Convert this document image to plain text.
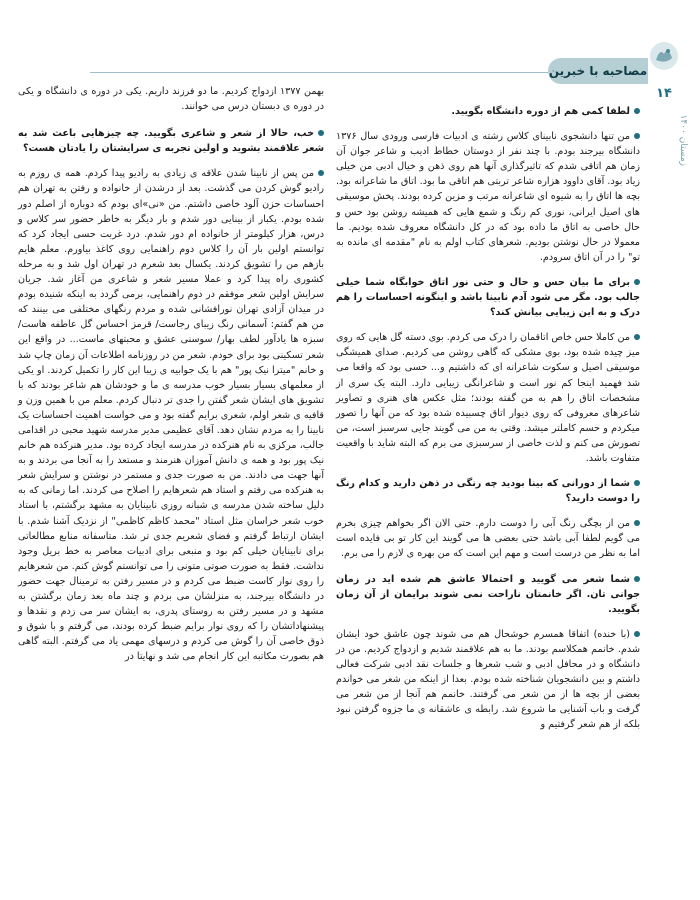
مصاحبه با خبرین
۱۴
زمستان ۱۴۰۰

لطفا کمی هم از دوره دانشگاه بگویید.

من تنها دانشجوی نابینای کلاس رشته ی ادبیات فارسی ورودی سال ۱۳۷۶ دانشگاه بیرجند بودم. با چند نفر از دوستان خطاط ادیب و شاعر جوان آن زمان هم اتاقی شدم که تاثیرگذاری آنها هم روی ذهن و خیال ادبی من خیلی زیاد بود. آقای داوود هزاره شاعر تربتی هم اتاقی ما بود. اتاق ما شاعرانه بود. بچه ها اتاق را به شیوه ای شاعرانه مرتب و مزین کرده بودند. پخش موسیقی های اصیل ایرانی، نوری کم رنگ و شمع هایی که همیشه روشن بود حس و حال خاصی به اتاق ما داده بود که در کل دانشگاه معروف شده بودیم. ما معمولا در حال نوشتن بودیم. شعرهای کتاب اولم به نام "مقدمه ای مانده به تو" را در آن اتاق سرودم.

برای ما بیان حس و حال و حتی نور اتاق خوابگاه شما خیلی جالب بود. مگر می شود آدم نابینا باشد و اینگونه احساسات را هم درک و به این زیبایی بیانش کند؟

من کاملا حس خاص اتاقمان را درک می کردم. بوی دسته گل هایی که روی میز چیده شده بود، بوی مشکی که گاهی روشن می کردیم. صدای همیشگی موسیقی اصیل و سکوت شاعرانه ای که داشتیم و... حسی بود که واقعا می شد فهمید اینجا کم نور است و شاعرانگی زیبایی دارد. البته یک سری از مشخصات اتاق را هم به من گفته بودند؛ مثل عکس های هنری و تصاویر شاعرهای معروفی که روی دیوار اتاق چسبیده شده بود که من آنها را تصور میکردم و حسم کاملتر میشد. وقتی به من می گویند جایی سرسبز است، من تصورش می کنم و لذت خاصی از سرسبزی می برم که البته شاید با واقعیت متفاوت باشد.

شما از دورانی که بینا بودید چه رنگی در ذهن دارید و کدام رنگ را دوست دارید؟

من از بچگی رنگ آبی را دوست دارم. حتی الان اگر بخواهم چیزی بخرم می گویم لطفا آبی باشد حتی بعضی ها می گویند این کار تو بی فایده است اما به نظر من درست است و مهم این است که من بهره ی لازم را می برم.

شما شعر می گویید و احتمالا عاشق هم شده اید در زمان جوانی تان. اگر خانمتان ناراحت نمی شوند برایمان از آن زمان بگویید.

(با خنده) اتفاقا همسرم خوشحال هم می شوند چون عاشق خود ایشان شدم. خانمم همکلاسم بودند. ما به هم علاقمند شدیم و ازدواج کردیم. من در دانشگاه و در محافل ادبی و شب شعرها و جلسات نقد ادبی شرکت فعالی داشتم و بین دانشجویان شناخته شده بودم. بعدا از اینکه من شعر می خواندم بعضی از بچه ها از من شعر می گرفتند. خانمم هم آنجا از من شعر می گرفت و باب آشنایی ما شروع شد. رابطه ی عاشقانه ی ما جزوه گرفتن نبود بلکه از هم شعر گرفتیم و

بهمن ۱۳۷۷ ازدواج کردیم. ما دو فرزند داریم. یکی در دوره ی دانشگاه و یکی در دوره ی دبستان درس می خوانند.

خب، حالا از شعر و شاعری بگویید. چه چیزهایی باعث شد به شعر علاقمند بشوید و اولین تجربه ی سرایشتان را یادتان هست؟

من پس از نابینا شدن علاقه ی زیادی به رادیو پیدا کردم. همه ی روزم به رادیو گوش کردن می گذشت. بعد از درشدن از خانواده و رفتن به تهران هم احساسات حزن آلود خاصی داشتم. من «نی»ای بودم که دوباره از اصلم دور شده بودم. یکبار از بینایی دور شدم و بار دیگر به خاطر حضور سر کلاس و درس، هزار کیلومتر از خانواده ام دور شدم. درد غربت حسی ایجاد کرد که توانستم اولین بار آن را کلاس دوم راهنمایی روی کاغذ بیاورم. معلم هایم بازهم من را تشویق کردند. یکسال بعد شعرم در تهران اول شد و به مرحله کشوری راه پیدا کرد و عملا مسیر شعر و شاعری من آغاز شد. جریان سرایش اولین شعر موفقم در دوم راهنمایی، برمی گردد به اینکه شنیده بودم در میدان آزادی تهران نورافشانی شده و مردم رنگهای مختلفی می بینند که من هم گفتم: آسمانی رنگ زیبای رجاست/ قرمز احساس گل عاطفه هاست/ سبزه ها یادآور لطف بهار/ سوسنی عشق و محبتهای ماست... در واقع این شعر تسکینی بود برای خودم. شعر من در روزنامه اطلاعات آن زمان چاپ شد و خانم "میترا نیک پور" هم با یک جوابیه ی زیبا این کار را تکمیل کردند. او یکی از معلمهای بسیار بسیار خوب مدرسه ی ما و خودشان هم شاعر بودند که با تشویق های ایشان شعر گفتن را جدی تر دنبال کردم. معلم من با همین وزن و قافیه ی شعر اولم، شعری برایم گفته بود و می خواست اهمیت احساسات یک نابینا را به مردم نشان دهد. آقای عظیمی مدیر مدرسه شهید محبی در اقدامی جالب، مرکزی به نام هنرکده در مدرسه ایجاد کرده بود. مدیر هنرکده هم خانم نیک پور بود و همه ی دانش آموزان هنرمند و مستعد را به آنجا می بردند و به آنها جهت می دادند. من به صورت جدی و مستمر در نوشتن و سرایش شعر به هنرکده می رفتم و استاد هم شعرهایم را اصلاح می کردند. اما زمانی که به دلیل ساخته شدن مدرسه ی شبانه روزی نابینایان به مشهد برگشتم، با استاد خوب شعر خراسان مثل استاد "محمد کاظم کاظمی" از نزدیک آشنا شدم. با ایشان ارتباط گرفتم و فضای شعریم جدی تر شد. متاسفانه منابع مطالعاتی برای نابینایان خیلی کم بود و منبعی برای ادبیات معاصر به خط بریل وجود نداشت. فقط به صورت صوتی متونی را می توانستم گوش کنم. من شعرهایم را روی نوار کاست ضبط می کردم و در مسیر رفتن به ترمینال جهت حضور در دانشگاه بیرجند، به منزلشان می بردم و چند ماه بعد زمان برگشتن به مشهد و در مسیر رفتن به روستای پدری، به ایشان سر می زدم و نقدها و پیشنهاداتشان را که روی نوار برایم ضبط کرده بودند، می گرفتم و با شوق و ذوق خاصی آن را گوش می کردم و درسهای مهمی یاد می گرفتم. البته گاهی هم بصورت مکاتبه این کار انجام می شد و نهایتا در
